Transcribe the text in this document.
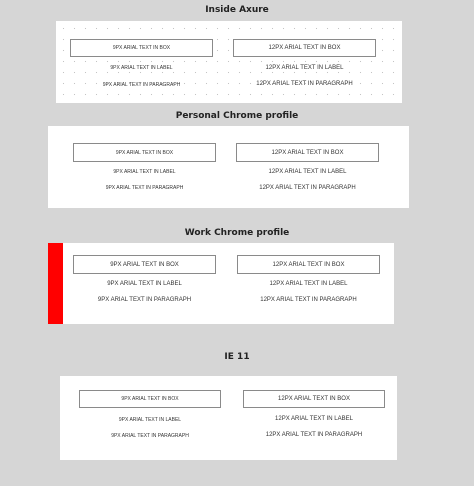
Inside Axure
9PX ARIAL TEXT IN BOX	12PX ARIAL TEXT IN BOX
9PX ARIAL TEXT IN LABEL	12PX ARIAL TEXT IN LABEL
9PX ARIAL TEXT IN PARAGRAPH	12PX ARIAL TEXT IN PARAGRAPH
Personal Chrome profile
9PX ARIAL TEXT IN BOX	12PX ARIAL TEXT IN BOX
9PX ARIAL TEXT IN LABEL	12PX ARIAL TEXT IN LABEL
9PX ARIAL TEXT IN PARAGRAPH	12PX ARIAL TEXT IN PARAGRAPH
Work Chrome profile
9PX ARIAL TEXT IN BOX	12PX ARIAL TEXT IN BOX
9PX ARIAL TEXT IN LABEL	12PX ARIAL TEXT IN LABEL
9PX ARIAL TEXT IN PARAGRAPH	12PX ARIAL TEXT IN PARAGRAPH
IE 11
9PX ARIAL TEXT IN BOX	12PX ARIAL TEXT IN BOX
9PX ARIAL TEXT IN LABEL	12PX ARIAL TEXT IN LABEL
9PX ARIAL TEXT IN PARAGRAPH	12PX ARIAL TEXT IN PARAGRAPH
